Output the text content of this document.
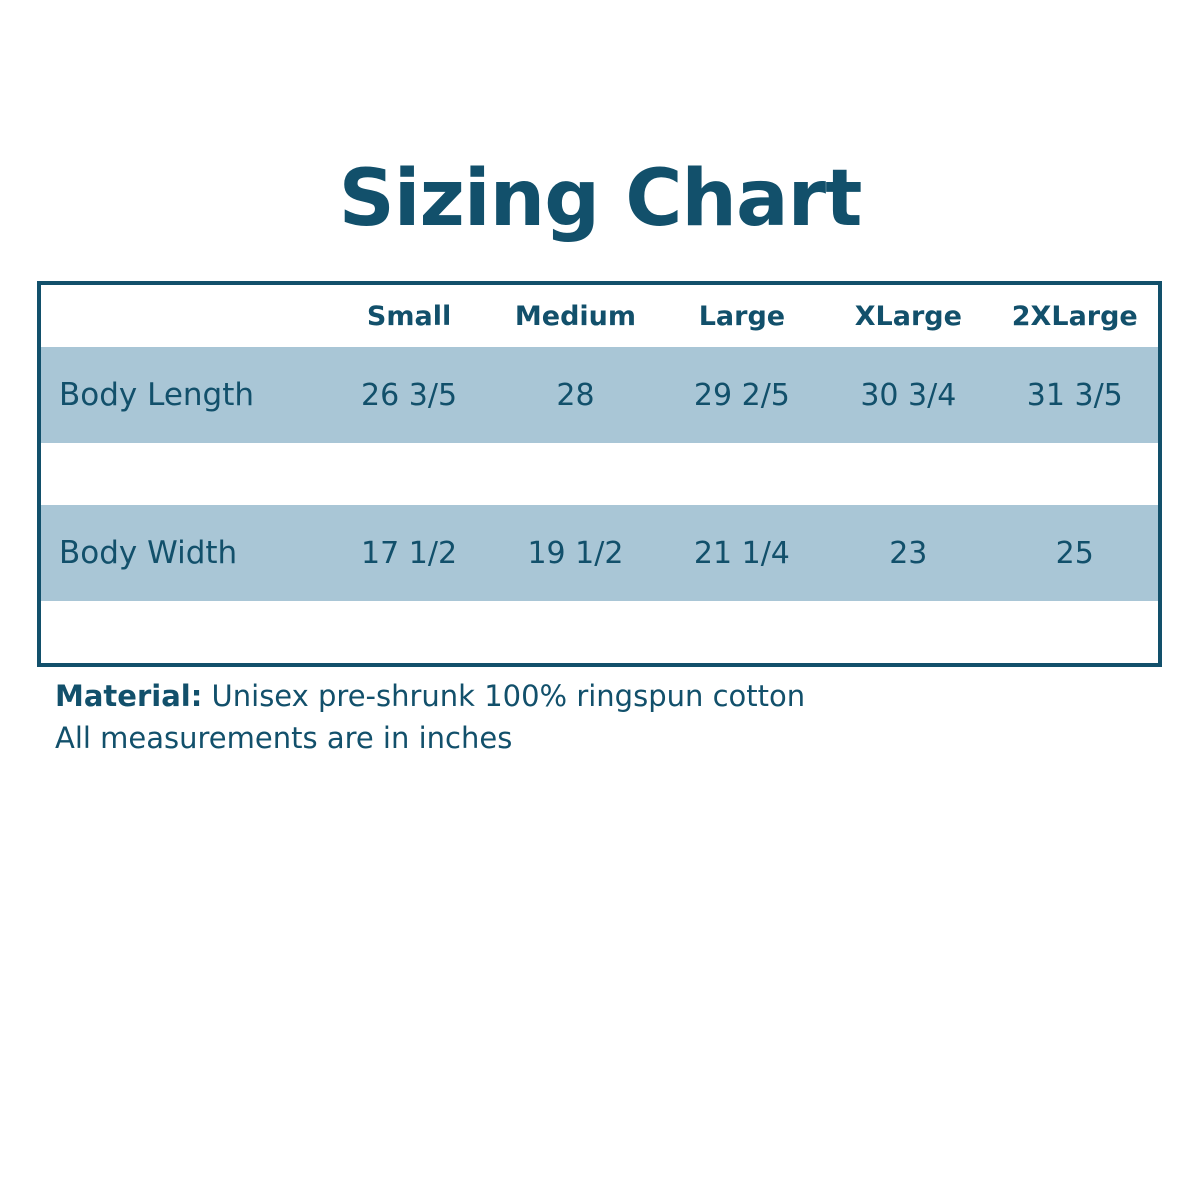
Sizing Chart
	Small	Medium	Large	XLarge	2XLarge
Body Length	26 3/5	28	29 2/5	30 3/4	31 3/5

Body Width	17 1/2	19 1/2	21 1/4	23	25

Material: Unisex pre-shrunk 100% ringspun cotton
All measurements are in inches
